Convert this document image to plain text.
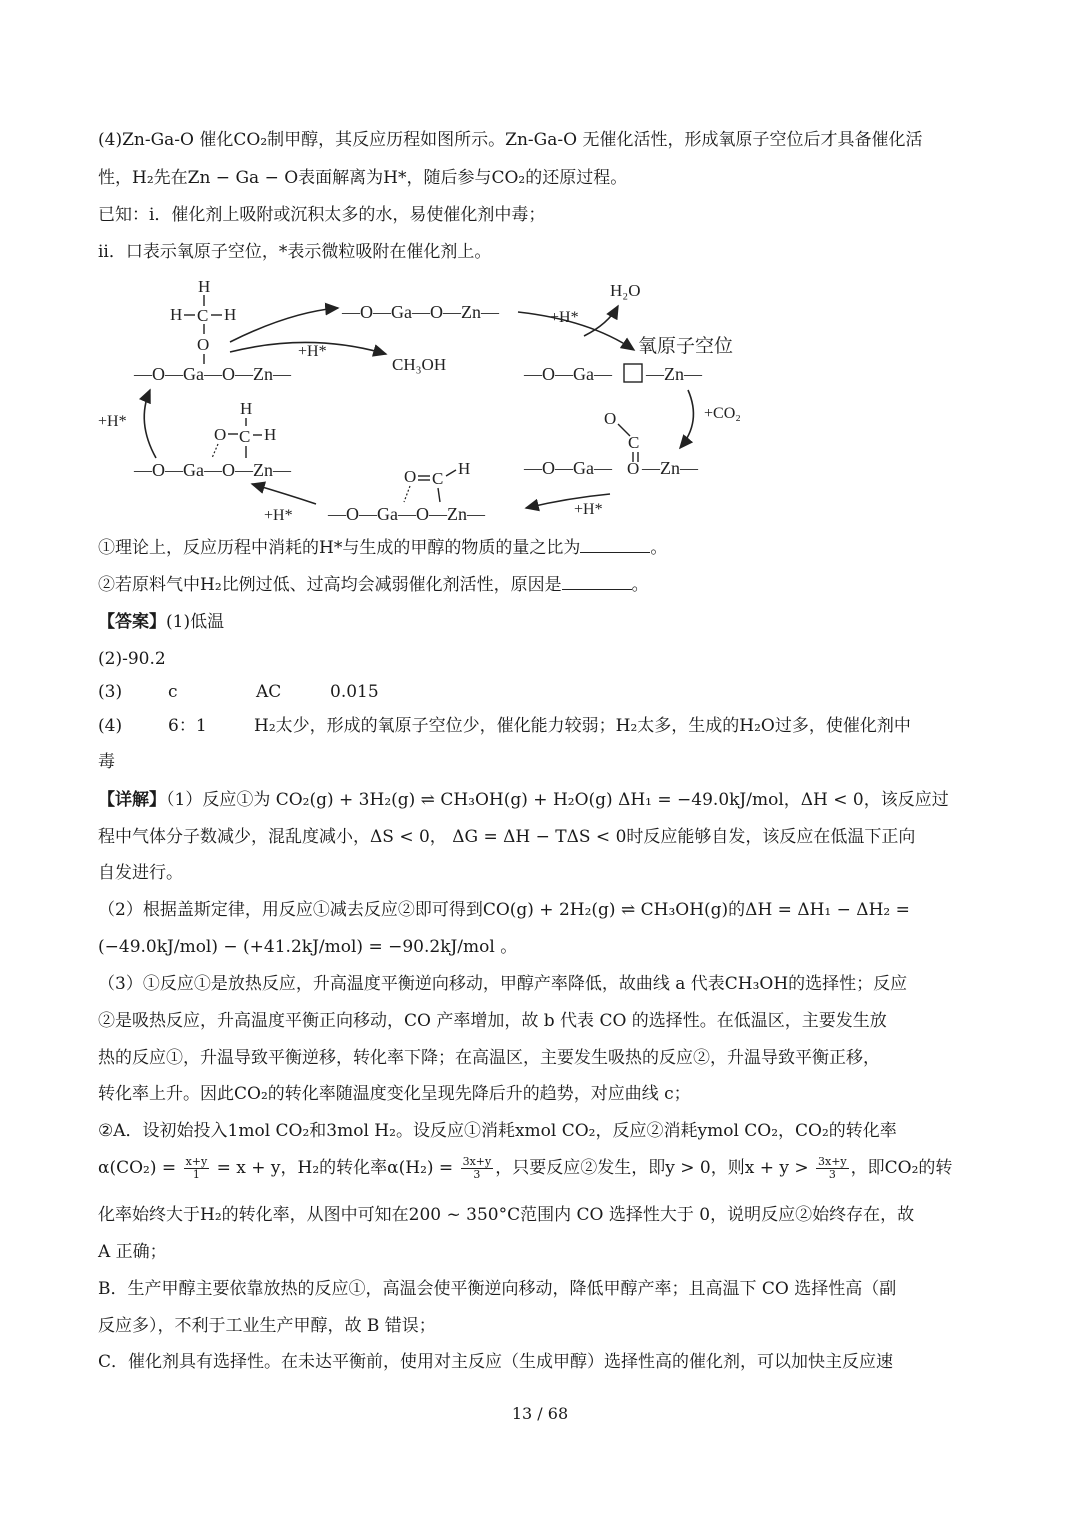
(4)Zn-Ga-O 催化CO₂制甲醇，其反应历程如图所示。Zn-Ga-O 无催化活性，形成氧原子空位后才具备催化活
性，H₂先在Zn − Ga − O表面解离为H*，随后参与CO₂的还原过程。
已知：i．催化剂上吸附或沉积太多的水，易使催化剂中毒；
ii．口表示氧原子空位，*表示微粒吸附在催化剂上。
H
H C H
O
—O—Ga—O—Zn—
—O—Ga—O—Zn—
+H*
CH₃OH
+H*
H₂O
氧原子空位
—O—Ga— —Zn—
+CO₂
O
C
—O—Ga— O —Zn—
+H*
O C
H
—O—Ga—O—Zn—
+H*
H
O C H
—O—Ga—O—Zn—
+H*
①理论上，反应历程中消耗的H*与生成的甲醇的物质的量之比为	。
②若原料气中H₂比例过低、过高均会减弱催化剂活性，原因是	。
【答案】(1)低温
(2)-90.2
(3)	c	AC	0.015
(4)	6：1	H₂太少，形成的氧原子空位少，催化能力较弱；H₂太多，生成的H₂O过多，使催化剂中
毒
【详解】（1）反应①为 CO₂(g) + 3H₂(g) ⇌ CH₃OH(g) + H₂O(g) ΔH₁ = −49.0kJ/mol，ΔH < 0，该反应过
程中气体分子数减少，混乱度减小，ΔS < 0， ΔG = ΔH − TΔS < 0时反应能够自发，该反应在低温下正向
自发进行。
（2）根据盖斯定律，用反应①减去反应②即可得到CO(g) + 2H₂(g) ⇌ CH₃OH(g)的ΔH = ΔH₁ − ΔH₂ =
(−49.0kJ/mol) − (+41.2kJ/mol) = −90.2kJ/mol 。
（3）①反应①是放热反应，升高温度平衡逆向移动，甲醇产率降低，故曲线 a 代表CH₃OH的选择性；反应
②是吸热反应，升高温度平衡正向移动，CO 产率增加，故 b 代表 CO 的选择性。在低温区，主要发生放
热的反应①，升温导致平衡逆移，转化率下降；在高温区，主要发生吸热的反应②，升温导致平衡正移，
转化率上升。因此CO₂的转化率随温度变化呈现先降后升的趋势，对应曲线 c；
②A．设初始投入1mol CO₂和3mol H₂。设反应①消耗xmol CO₂，反应②消耗ymol CO₂，CO₂的转化率
$\alpha(CO_2) = \frac{x+y}{1} = x + y$，H₂的转化率$\alpha(H_2) = \frac{3x+y}{3}$ ，只要反应②发生，即y > 0，则$x + y > \frac{3x+y}{3}$ ，即CO₂的转
化率始终大于H₂的转化率，从图中可知在200 ~ 350°C范围内 CO 选择性大于 0，说明反应②始终存在，故
A 正确；
B．生产甲醇主要依靠放热的反应①，高温会使平衡逆向移动，降低甲醇产率；且高温下 CO 选择性高（副
反应多），不利于工业生产甲醇，故 B 错误；
C．催化剂具有选择性。在未达平衡前，使用对主反应（生成甲醇）选择性高的催化剂，可以加快主反应速
13 / 68
